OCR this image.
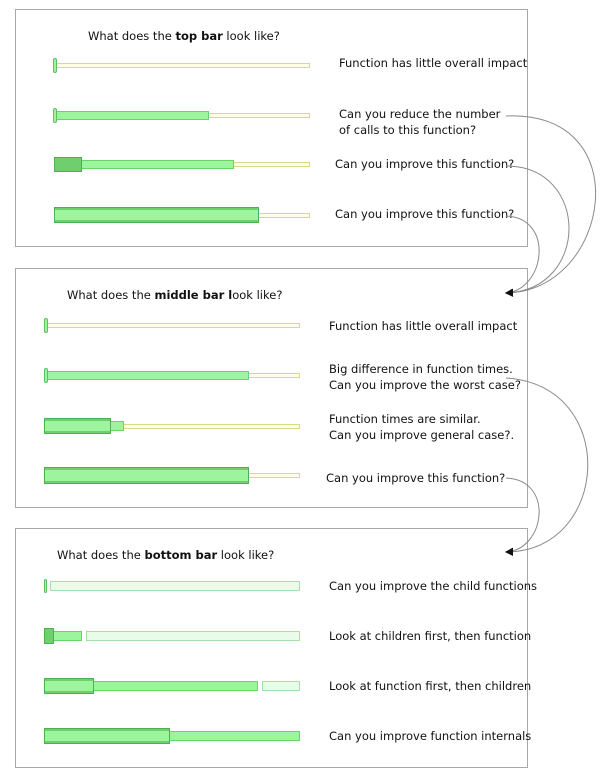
What does the top bar look like?
Function has little overall impact
Can you reduce the number
of calls to this function?
Can you improve this function?
Can you improve this function?
What does the middle bar look like?
Function has little overall impact
Big difference in function times.
Can you improve the worst case?
Function times are similar.
Can you improve general case?.
Can you improve this function?
What does the bottom bar look like?
Can you improve the child functions
Look at children first, then function
Look at function first, then children
Can you improve function internals
